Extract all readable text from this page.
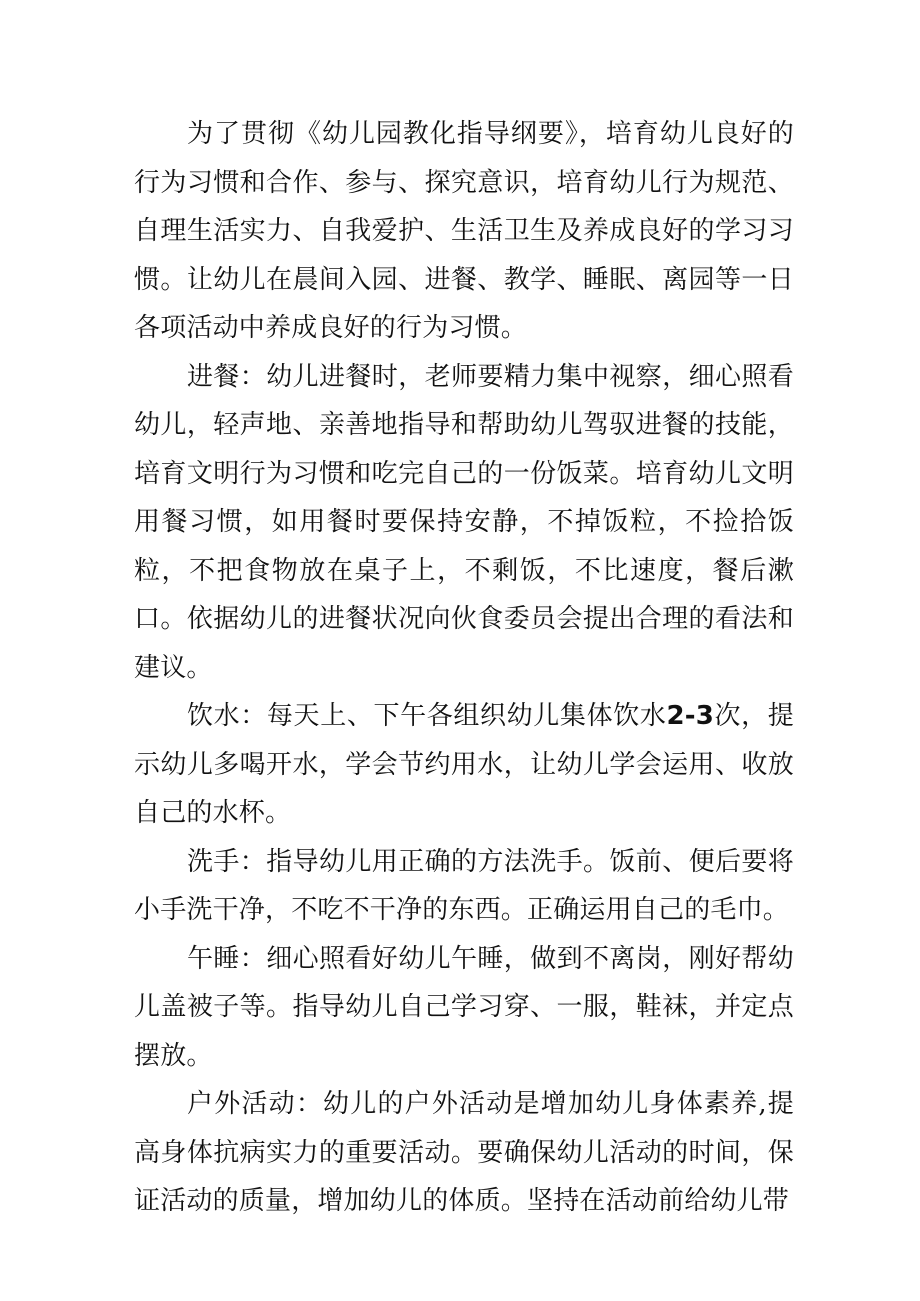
为了贯彻《幼儿园教化指导纲要》，培育幼儿良好的行为习惯和合作、参与、探究意识，培育幼儿行为规范、自理生活实力、自我爱护、生活卫生及养成良好的学习习惯。让幼儿在晨间入园、进餐、教学、睡眠、离园等一日各项活动中养成良好的行为习惯。

进餐：幼儿进餐时，老师要精力集中视察，细心照看幼儿，轻声地、亲善地指导和帮助幼儿驾驭进餐的技能，培育文明行为习惯和吃完自己的一份饭菜。培育幼儿文明用餐习惯，如用餐时要保持安静，不掉饭粒，不捡拾饭粒，不把食物放在桌子上，不剩饭，不比速度，餐后漱口。依据幼儿的进餐状况向伙食委员会提出合理的看法和建议。

饮水：每天上、下午各组织幼儿集体饮水2-3次，提示幼儿多喝开水，学会节约用水，让幼儿学会运用、收放自己的水杯。

洗手：指导幼儿用正确的方法洗手。饭前、便后要将小手洗干净，不吃不干净的东西。正确运用自己的毛巾。

午睡：细心照看好幼儿午睡，做到不离岗，刚好帮幼儿盖被子等。指导幼儿自己学习穿、一服，鞋袜，并定点摆放。

户外活动：幼儿的户外活动是增加幼儿身体素养,提高身体抗病实力的重要活动。要确保幼儿活动的时间，保证活动的质量，增加幼儿的体质。坚持在活动前给幼儿带
